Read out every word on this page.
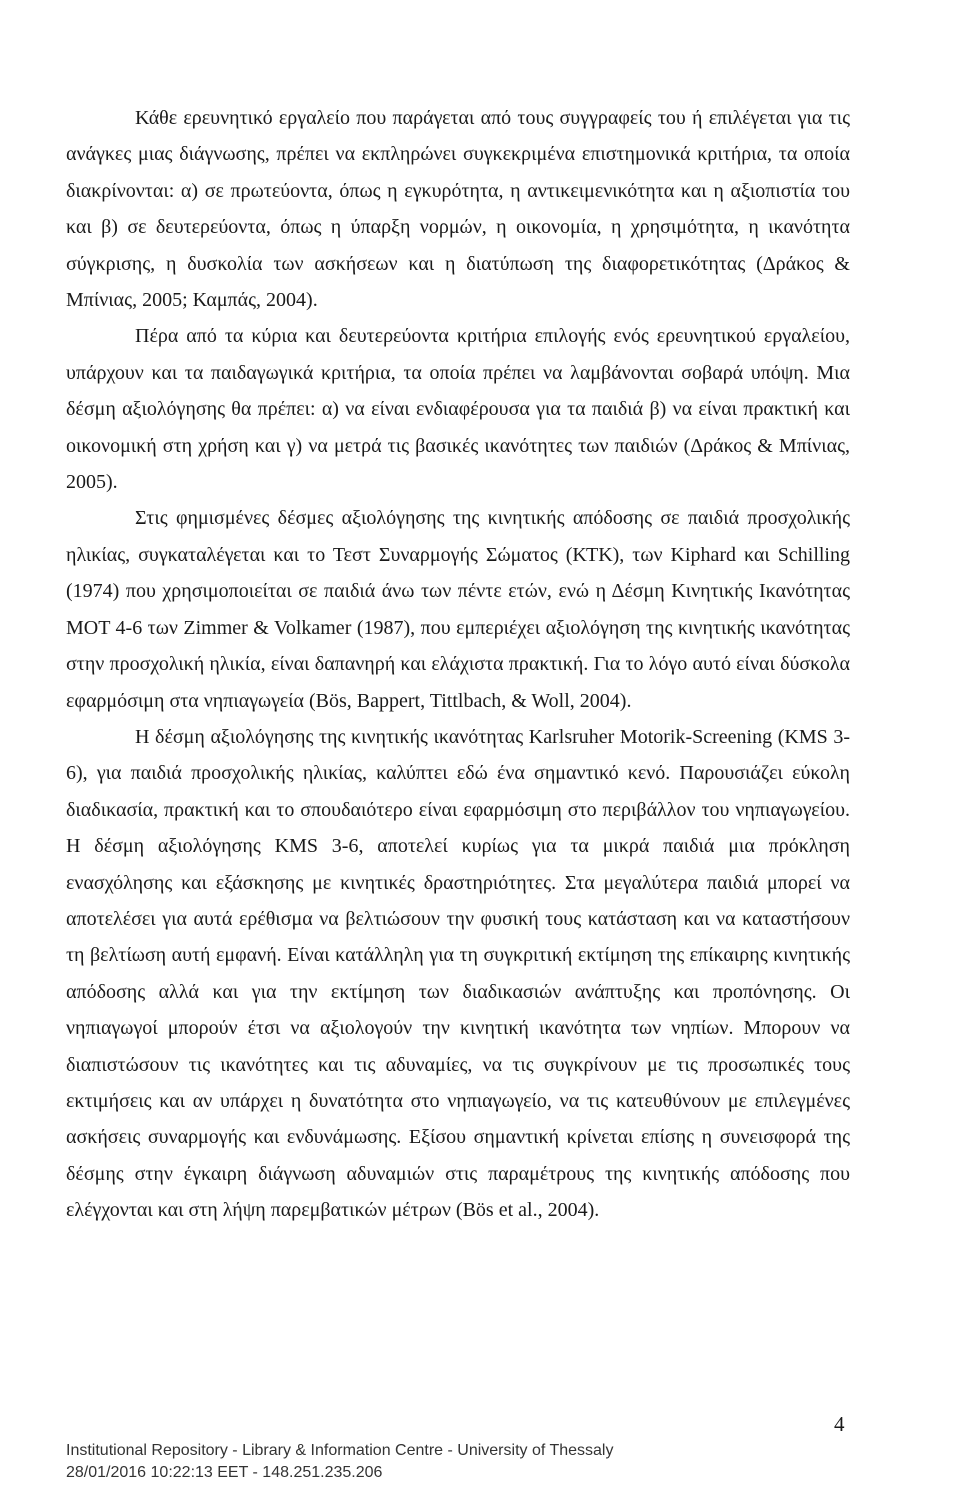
Κάθε ερευνητικό εργαλείο που παράγεται από τους συγγραφείς του ή επιλέγεται για τις ανάγκες μιας διάγνωσης, πρέπει να εκπληρώνει συγκεκριμένα επιστημονικά κριτήρια, τα οποία διακρίνονται: α) σε πρωτεύοντα, όπως η εγκυρότητα, η αντικειμενικότητα και η αξιοπιστία του και β) σε δευτερεύοντα, όπως η ύπαρξη νορμών, η οικονομία, η χρησιμότητα, η ικανότητα σύγκρισης, η δυσκολία των ασκήσεων και η διατύπωση της διαφορετικότητας (Δράκος & Μπίνιας, 2005; Καμπάς, 2004).

Πέρα από τα κύρια και δευτερεύοντα κριτήρια επιλογής ενός ερευνητικού εργαλείου, υπάρχουν και τα παιδαγωγικά κριτήρια, τα οποία πρέπει να λαμβάνονται σοβαρά υπόψη. Μια δέσμη αξιολόγησης θα πρέπει: α) να είναι ενδιαφέρουσα για τα παιδιά β) να είναι πρακτική και οικονομική στη χρήση και γ) να μετρά τις βασικές ικανότητες των παιδιών (Δράκος & Μπίνιας, 2005).

Στις φημισμένες δέσμες αξιολόγησης της κινητικής απόδοσης σε παιδιά προσχολικής ηλικίας, συγκαταλέγεται και το Τεστ Συναρμογής Σώματος (ΚΤΚ), των Kiphard και Schilling (1974) που χρησιμοποιείται σε παιδιά άνω των πέντε ετών, ενώ η Δέσμη Κινητικής Ικανότητας ΜΟΤ 4-6 των Zimmer & Volkamer (1987), που εμπεριέχει αξιολόγηση της κινητικής ικανότητας στην προσχολική ηλικία, είναι δαπανηρή και ελάχιστα πρακτική. Για το λόγο αυτό είναι δύσκολα εφαρμόσιμη στα νηπιαγωγεία (Bös, Bappert, Tittlbach, & Woll, 2004).

Η δέσμη αξιολόγησης της κινητικής ικανότητας Karlsruher Motorik-Screening (KMS 3-6), για παιδιά προσχολικής ηλικίας, καλύπτει εδώ ένα σημαντικό κενό. Παρουσιάζει εύκολη διαδικασία, πρακτική και το σπουδαιότερο είναι εφαρμόσιμη στο περιβάλλον του νηπιαγωγείου. Η δέσμη αξιολόγησης KMS 3-6, αποτελεί κυρίως για τα μικρά παιδιά μια πρόκληση ενασχόλησης και εξάσκησης με κινητικές δραστηριότητες. Στα μεγαλύτερα παιδιά μπορεί να αποτελέσει για αυτά ερέθισμα να βελτιώσουν την φυσική τους κατάσταση και να καταστήσουν τη βελτίωση αυτή εμφανή. Είναι κατάλληλη για τη συγκριτική εκτίμηση της επίκαιρης κινητικής απόδοσης αλλά και για την εκτίμηση των διαδικασιών ανάπτυξης και προπόνησης. Οι νηπιαγωγοί μπορούν έτσι να αξιολογούν την κινητική ικανότητα των νηπίων. Μπορουν να διαπιστώσουν τις ικανότητες και τις αδυναμίες, να τις συγκρίνουν με τις προσωπικές τους εκτιμήσεις και αν υπάρχει η δυνατότητα στο νηπιαγωγείο, να τις κατευθύνουν με επιλεγμένες ασκήσεις συναρμογής και ενδυνάμωσης. Εξίσου σημαντική κρίνεται επίσης η συνεισφορά της δέσμης στην έγκαιρη διάγνωση αδυναμιών στις παραμέτρους της κινητικής απόδοσης που ελέγχονται και στη λήψη παρεμβατικών μέτρων (Bös et al., 2004).

4
Institutional Repository - Library & Information Centre - University of Thessaly
28/01/2016 10:22:13 EET - 148.251.235.206
